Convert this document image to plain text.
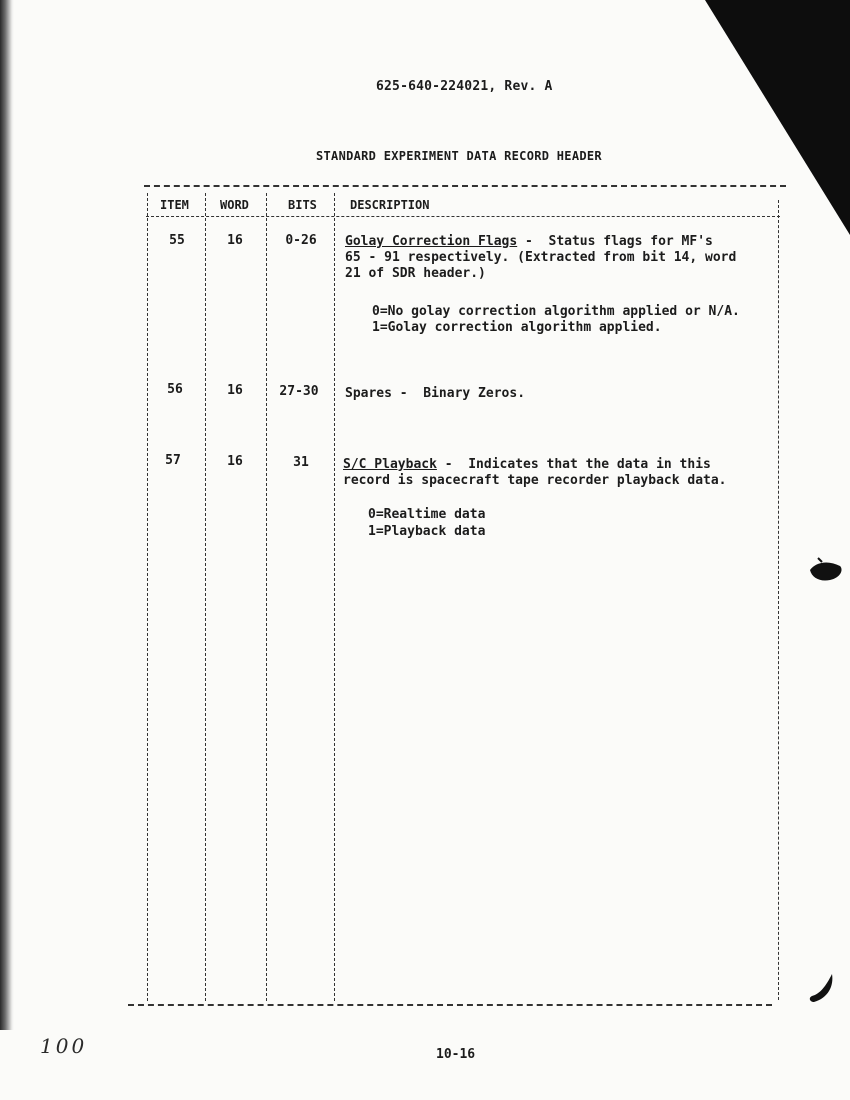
625-640-224021, Rev. A
STANDARD EXPERIMENT DATA RECORD HEADER
ITEM	WORD	BITS	DESCRIPTION
55	16	0-26	Golay Correction Flags -  Status flags for MF's
65 - 91 respectively. (Extracted from bit 14, word
21 of SDR header.)
0=No golay correction algorithm applied or N/A.
1=Golay correction algorithm applied.
56	16	27-30	Spares -  Binary Zeros.
57	16	31	S/C Playback -  Indicates that the data in this
record is spacecraft tape recorder playback data.
0=Realtime data
1=Playback data
100	10-16
